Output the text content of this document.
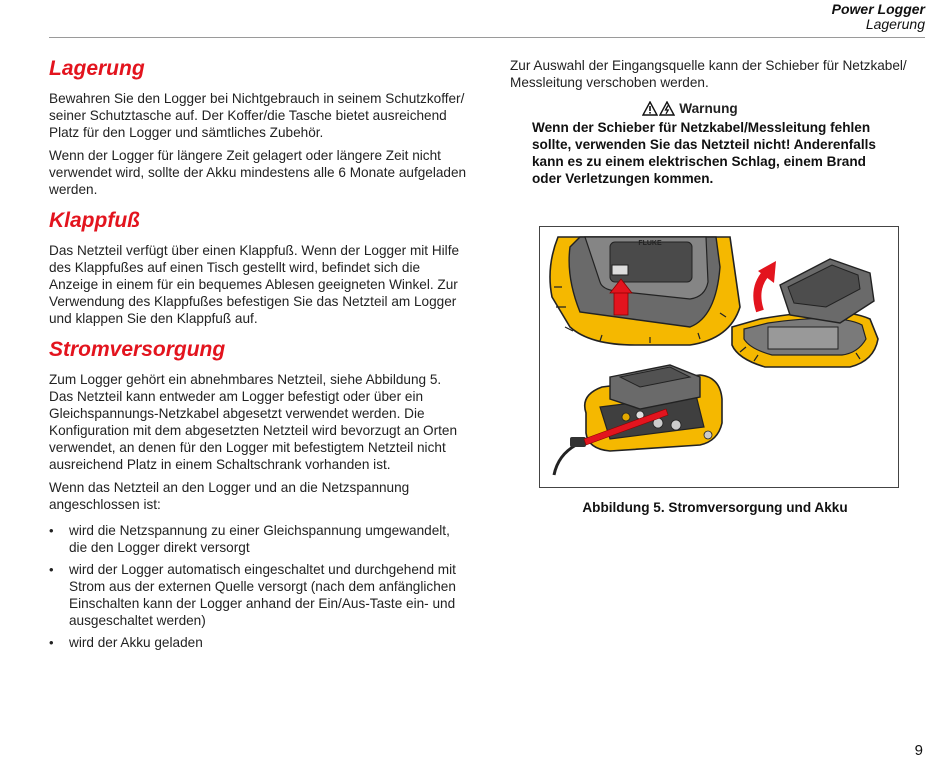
Power Logger
Lagerung
Lagerung

Bewahren Sie den Logger bei Nichtgebrauch in seinem Schutzkoffer/ seiner Schutztasche auf. Der Koffer/die Tasche bietet ausreichend Platz für den Logger und sämtliches Zubehör.

Wenn der Logger für längere Zeit gelagert oder längere Zeit nicht verwendet wird, sollte der Akku mindestens alle 6 Monate aufgeladen werden.

Klappfuß

Das Netzteil verfügt über einen Klappfuß. Wenn der Logger mit Hilfe des Klappfußes auf einen Tisch gestellt wird, befindet sich die Anzeige in einem für ein bequemes Ablesen geeigneten Winkel. Zur Verwendung des Klappfußes befestigen Sie das Netzteil am Logger und klappen Sie den Klappfuß auf.

Stromversorgung

Zum Logger gehört ein abnehmbares Netzteil, siehe Abbildung 5. Das Netzteil kann entweder am Logger befestigt oder über ein Gleichspannungs-Netzkabel abgesetzt verwendet werden. Die Konfiguration mit dem abgesetzten Netzteil wird bevorzugt an Orten verwendet, an denen für den Logger mit befestigtem Netzteil nicht ausreichend Platz in einem Schaltschrank vorhanden ist.

Wenn das Netzteil an den Logger und an die Netzspannung angeschlossen ist:

• wird die Netzspannung zu einer Gleichspannung umgewandelt, die den Logger direkt versorgt
• wird der Logger automatisch eingeschaltet und durchgehend mit Strom aus der externen Quelle versorgt (nach dem anfänglichen Einschalten kann der Logger anhand der Ein/Aus-Taste ein- und ausgeschaltet werden)
• wird der Akku geladen

Zur Auswahl der Eingangsquelle kann der Schieber für Netzkabel/ Messleitung verschoben werden.

Warnung
Wenn der Schieber für Netzkabel/Messleitung fehlen sollte, verwenden Sie das Netzteil nicht! Anderenfalls kann es zu einem elektrischen Schlag, einem Brand oder Verletzungen kommen.
FLUKE
Abbildung 5. Stromversorgung und Akku
9
